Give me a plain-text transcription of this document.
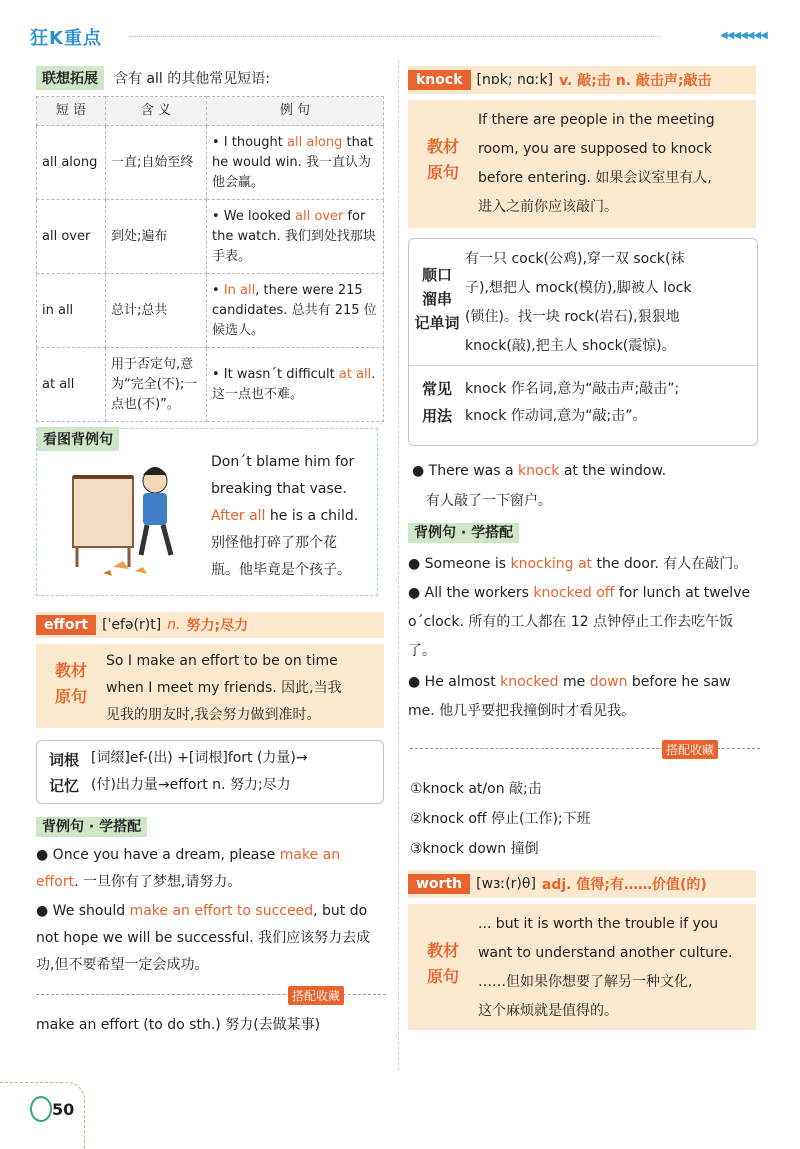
狂K重点	◀◀◀◀◀◀◀
联想拓展	含有 all 的其他常见短语:
短 语	含 义	例 句
all along	一直;自始至终	• I thought all along that he would win. 我一直认为他会赢。
all over	到处;遍布	• We looked all over for the watch. 我们到处找那块手表。
in all	总计;总共	• In all, there were 215 candidates. 总共有 215 位候选人。
at all	用于否定句,意为“完全(不);一点也(不)”。	• It wasn´t difficult at all. 这一点也不难。
看图背例句

Don´t blame him for

breaking that vase.

After all he is a child.

别怪他打碎了那个花

瓶。他毕竟是个孩子。

effort	[ˈefə(r)t] n. 努力;尽力

教材

原句

So I make an effort to be on time

when I meet my friends. 因此,当我

见我的朋友时,我会努力做到准时。

词根

记忆

[词缀]ef-(出) +[词根]fort (力量)→

(付)出力量→effort n. 努力;尽力

背例句 · 学搭配

● Once you have a dream, please make an effort. 一旦你有了梦想,请努力。

● We should make an effort to succeed, but do not hope we will be successful. 我们应该努力去成功,但不要希望一定会成功。

搭配收藏
make an effort (to do sth.) 努力(去做某事)
knock	[nɒk; nɑːk] v. 敲;击 n. 敲击声;敲击

教材

原句

If there are people in the meeting

room, you are supposed to knock

before entering. 如果会议室里有人,

进入之前你应该敲门。

顺口

溜串

记单词

有一只 cock(公鸡),穿一双 sock(袜

子),想把人 mock(模仿),脚被人 lock

(锁住)。找一块 rock(岩石),狠狠地

knock(敲),把主人 shock(震惊)。

常见

用法

knock 作名词,意为“敲击声;敲击”;

knock 作动词,意为“敲;击”。

● There was a knock at the window.

有人敲了一下窗户。

背例句 · 学搭配

● Someone is knocking at the door. 有人在敲门。

● All the workers knocked off for lunch at twelve o´clock. 所有的工人都在 12 点钟停止工作去吃午饭了。

● He almost knocked me down before he saw me. 他几乎要把我撞倒时才看见我。

搭配收藏

①knock at/on 敲;击

②knock off 停止(工作);下班

③knock down 撞倒

worth	[wɜː(r)θ] adj. 值得;有……价值(的)

教材

原句

... but it is worth the trouble if you

want to understand another culture.

……但如果你想要了解另一种文化,

这个麻烦就是值得的。

50
